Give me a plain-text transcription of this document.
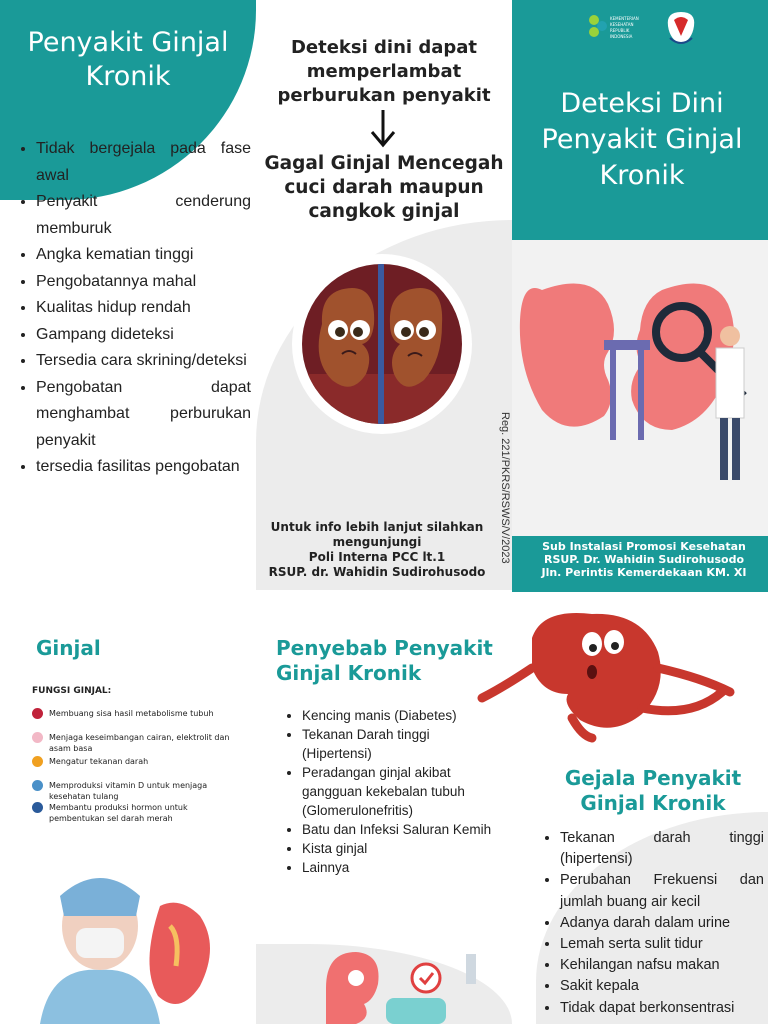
Penyakit Ginjal Kronik
• Tidak bergejala pada fase awal
• Penyakit cenderung memburuk
• Angka kematian tinggi
• Pengobatannya mahal
• Kualitas hidup rendah
• Gampang dideteksi
• Tersedia cara skrining/deteksi
• Pengobatan dapat menghambat perburukan penyakit
• tersedia fasilitas pengobatan
Deteksi dini dapat memperlambat perburukan penyakit
Gagal Ginjal Mencegah cuci darah maupun cangkok ginjal
Untuk info lebih lanjut silahkan mengunjungi
Poli Interna PCC lt.1
RSUP. dr. Wahidin Sudirohusodo
Reg. 221/PKRS/RSWS/V/2023
KEMENTERIAN
KESEHATAN
REPUBLIK
INDONESIA
Deteksi Dini Penyakit Ginjal Kronik
Sub Instalasi Promosi Kesehatan
RSUP. Dr. Wahidin Sudirohusodo
Jln. Perintis Kemerdekaan KM. XI
Ginjal
FUNGSI GINJAL:
Membuang sisa hasil metabolisme tubuh
Menjaga keseimbangan cairan, elektrolit dan asam basa
Mengatur tekanan darah
Memproduksi vitamin D untuk menjaga kesehatan tulang
Membantu produksi hormon untuk pembentukan sel darah merah
Penyebab Penyakit Ginjal Kronik
• Kencing manis (Diabetes)
• Tekanan Darah tinggi (Hipertensi)
• Peradangan ginjal akibat gangguan kekebalan tubuh (Glomerulonefritis)
• Batu dan Infeksi Saluran Kemih
• Kista ginjal
• Lainnya
Gejala Penyakit Ginjal Kronik
• Tekanan darah tinggi (hipertensi)
• Perubahan Frekuensi dan jumlah buang air kecil
• Adanya darah dalam urine
• Lemah serta sulit tidur
• Kehilangan nafsu makan
• Sakit kepala
• Tidak dapat berkonsentrasi
